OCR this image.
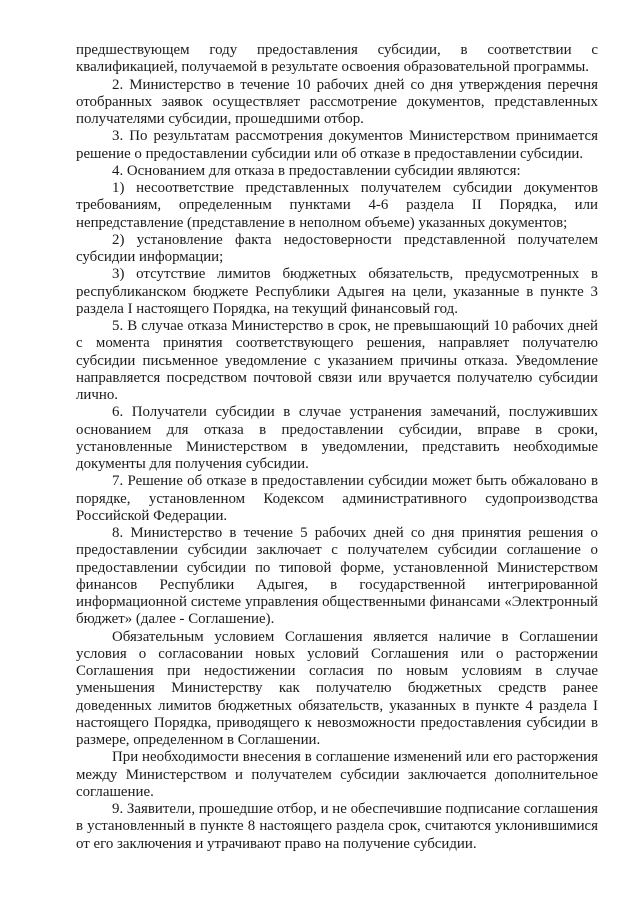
предшествующем году предоставления субсидии, в соответствии с квалификацией, получаемой в результате освоения образовательной программы.

2. Министерство в течение 10 рабочих дней со дня утверждения перечня отобранных заявок осуществляет рассмотрение документов, представленных получателями субсидии, прошедшими отбор.

3. По результатам рассмотрения документов Министерством принимается решение о предоставлении субсидии или об отказе в предоставлении субсидии.

4. Основанием для отказа в предоставлении субсидии являются:

1) несоответствие представленных получателем субсидии документов требованиям, определенным пунктами 4-6 раздела II Порядка, или непредставление (представление в неполном объеме) указанных документов;

2) установление факта недостоверности представленной получателем субсидии информации;

3) отсутствие лимитов бюджетных обязательств, предусмотренных в республиканском бюджете Республики Адыгея на цели, указанные в пункте 3 раздела I настоящего Порядка, на текущий финансовый год.

5. В случае отказа Министерство в срок, не превышающий 10 рабочих дней с момента принятия соответствующего решения, направляет получателю субсидии письменное уведомление с указанием причины отказа. Уведомление направляется посредством почтовой связи или вручается получателю субсидии лично.

6. Получатели субсидии в случае устранения замечаний, послуживших основанием для отказа в предоставлении субсидии, вправе в сроки, установленные Министерством в уведомлении, представить необходимые документы для получения субсидии.

7. Решение об отказе в предоставлении субсидии может быть обжаловано в порядке, установленном Кодексом административного судопроизводства Российской Федерации.

8. Министерство в течение 5 рабочих дней со дня принятия решения о предоставлении субсидии заключает с получателем субсидии соглашение о предоставлении субсидии по типовой форме, установленной Министерством финансов Республики Адыгея, в государственной интегрированной информационной системе управления общественными финансами «Электронный бюджет» (далее - Соглашение).

Обязательным условием Соглашения является наличие в Соглашении условия о согласовании новых условий Соглашения или о расторжении Соглашения при недостижении согласия по новым условиям в случае уменьшения Министерству как получателю бюджетных средств ранее доведенных лимитов бюджетных обязательств, указанных в пункте 4 раздела I настоящего Порядка, приводящего к невозможности предоставления субсидии в размере, определенном в Соглашении.

При необходимости внесения в соглашение изменений или его расторжения между Министерством и получателем субсидии заключается дополнительное соглашение.

9. Заявители, прошедшие отбор, и не обеспечившие подписание соглашения в установленный в пункте 8 настоящего раздела срок, считаются уклонившимися от его заключения и утрачивают право на получение субсидии.
